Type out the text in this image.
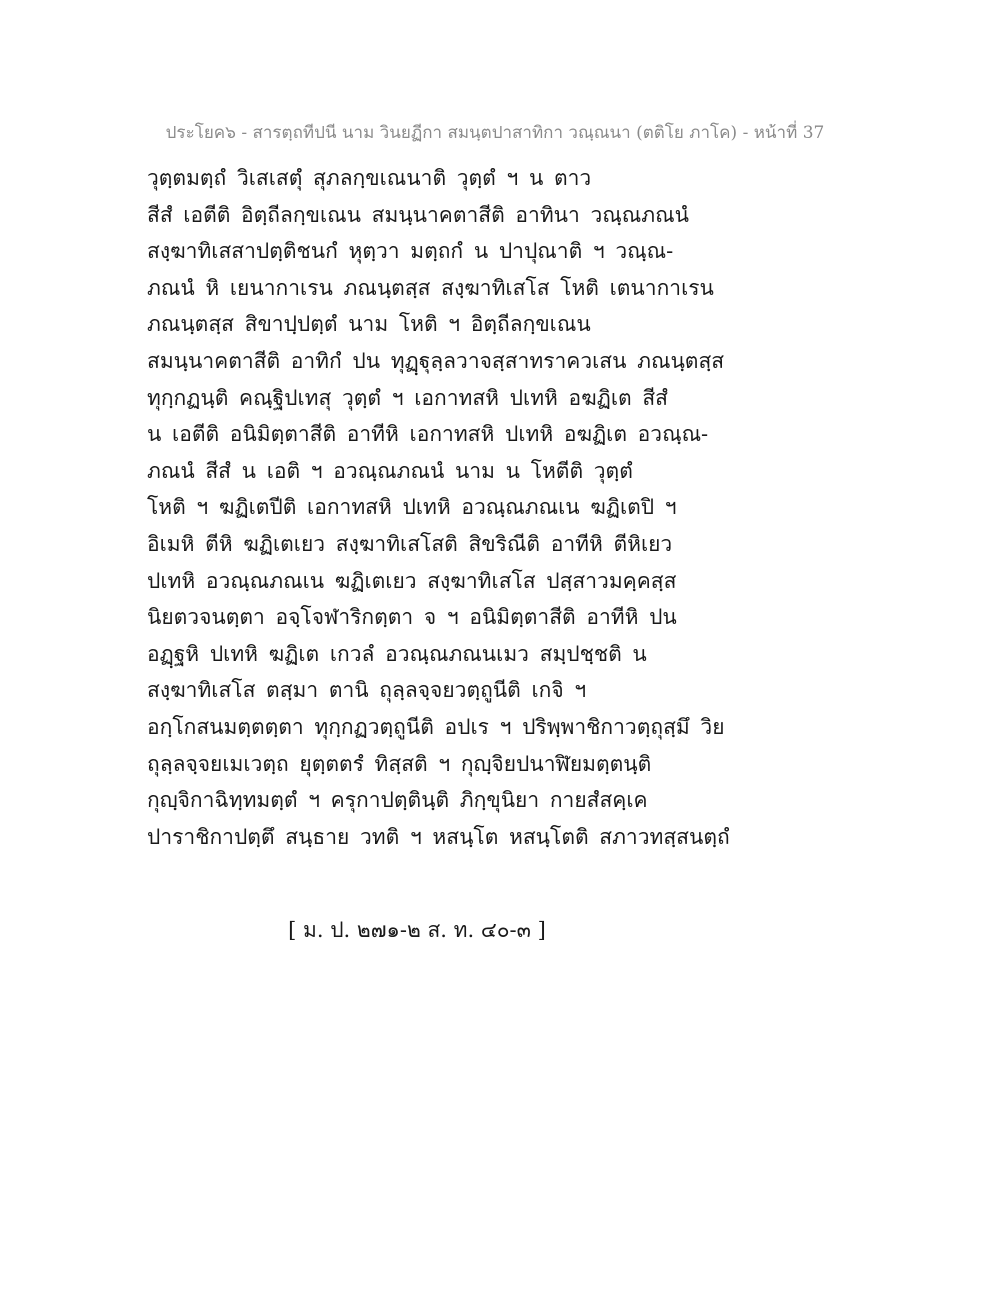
ประโยค๖ - สารตฺถทีปนี นาม วินยฏีกา สมนฺตปาสาทิกา วณฺณนา (ตติโย ภาโค) - หน้าที่ 37
วุตฺตมตฺถํ วิเสเสตุํ สุภลกฺขเณนาติ วุตฺตํ ฯ น ตาว
สีสํ เอตีติ อิตฺถีลกฺขเณน สมนฺนาคตาสีติ อาทินา วณฺณภณนํ
สงฺฆาทิเสสาปตฺติชนกํ หุตฺวา มตฺถกํ น ปาปุณาติ ฯ วณฺณ-
ภณนํ หิ เยนากาเรน ภณนฺตสฺส สงฺฆาทิเสโส โหติ เตนากาเรน
ภณนฺตสฺส สิขาปฺปตฺตํ นาม โหติ ฯ อิตฺถีลกฺขเณน
สมนฺนาคตาสีติ อาทิกํ ปน ทุฏฺฐุลฺลวาจสฺสาทราควเสน ภณนฺตสฺส
ทุกฺกฏนฺติ คณฺฐิปเทสุ วุตฺตํ ฯ เอกาทสหิ ปเทหิ อฆฏิเต สีสํ
น เอตีติ อนิมิตฺตาสีติ อาทีหิ เอกาทสหิ ปเทหิ อฆฏิเต อวณฺณ-
ภณนํ สีสํ น เอติ ฯ อวณฺณภณนํ นาม น โหตีติ วุตฺตํ
โหติ ฯ ฆฏิเตปีติ เอกาทสหิ ปเทหิ อวณฺณภณเน ฆฏิเตปิ ฯ
อิเมหิ ตีหิ ฆฏิเตเยว สงฺฆาทิเสโสติ สิขริณีติ อาทีหิ ตีหิเยว
ปเทหิ อวณฺณภณเน ฆฏิเตเยว สงฺฆาทิเสโส ปสฺสาวมคฺคสฺส
นิยตวจนตฺตา อจฺโจฬาริกตฺตา จ ฯ อนิมิตฺตาสีติ อาทีหิ ปน
อฏฺฐหิ ปเทหิ ฆฏิเต เกวลํ อวณฺณภณนเมว สมฺปชฺชติ น
สงฺฆาทิเสโส ตสฺมา ตานิ ถุลฺลจฺจยวตฺถูนีติ เกจิ ฯ
อกฺโกสนมตฺตตฺตา ทุกฺกฏวตฺถูนีติ อปเร ฯ ปริพฺพาชิกาวตฺถุสฺมึ วิย
ถุลฺลจฺจยเมเวตฺถ ยุตฺตตรํ ทิสฺสติ ฯ กุญฺจิยปนาฬิยมตฺตนฺติ
กุญฺจิกาฉิทฺทมตฺตํ ฯ ครุกาปตฺตินฺติ ภิกฺขุนิยา กายสํสคฺเค
ปาราชิกาปตฺตึ สนฺธาย วทติ ฯ หสนฺโต หสนฺโตติ สภาวทสฺสนตฺถํ
[ ม. ป. ๒๗๑-๒ ส. ท. ๔๐-๓ ]
